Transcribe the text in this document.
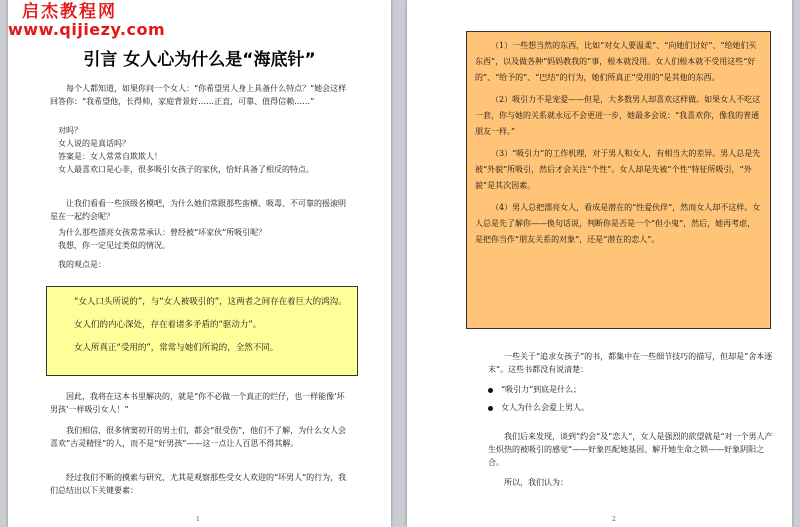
启杰教程网
www.qijiezy.com
引言 女人心为什么是“海底针”
每个人都知道，如果你问一个女人：“你希望男人身上具备什么特点？”她会这样回答你：“我希望他，长得帅，家庭背景好……正直，可靠、值得信赖……”
对吗？
女人说的是真话吗？
答案是：女人常常自欺欺人！
女人最喜欢口是心非，很多吸引女孩子的家伙，恰好具备了相反的特点。
让我们看看一些顶级名模吧，为什么她们常跟那些蛮横、吸毒、不可靠的摇滚明星在一起约会呢？
为什么那些漂亮女孩常常承认：曾经被“坏家伙”所吸引呢？
我想，你一定见过类似的情况。
我的观点是：

“女人口头所说的”，与“女人被吸引的”，这两者之间存在着巨大的鸿沟。

女人们的内心深处，存在着诸多矛盾的“驱动力”。

女人所真正“受用的”，常常与她们所说的，全然不同。

因此，我将在这本书里解决的，就是“你不必做一个真正的烂仔，也一样能像‘坏男孩’一样吸引女人！”
我们相信，很多情窦初开的男士们，都会“很受伤”，他们不了解，为什么女人会喜欢“古灵精怪”的人，而不是“好男孩”——这一点让人百思不得其解。
经过我们不断的摸索与研究，尤其是观察那些受女人欢迎的“坏男人”的行为，我们总结出以下关键要素：
1

（1）一些想当然的东西，比如“对女人要温柔”、“向她们讨好”、“给她们买东西”，以及做各种“妈妈教我的”事，根本就没用。女人们根本就不受用这些“好的”、“给予的”、“巴结”的行为，她们所真正“受用的”是其他的东西。

（2）吸引力不是宠爱——但是，大多数男人却喜欢这样做。如果女人不吃这一套，你与她的关系就永远不会更进一步，她最多会说：“我喜欢你，像我的普通朋友一样。”

（3）“吸引力”的工作机理，对于男人和女人，有相当大的差异。男人总是先被“外貌”所吸引，然后才会关注“个性”。女人却是先被“个性”特征所吸引，“外貌”是其次因素。

（4）男人总把漂亮女人，看成是潜在的“性爱伙伴”，然而女人却不这样。女人总是先了解你——换句话说，判断你是否是一个“但小鬼”，然后，她再考虑，是把你当作“朋友关系的对象”，还是“潜在的恋人”。

一些关于“追求女孩子”的书，都集中在一些细节技巧的描写，但却是“舍本逐末”。这些书都没有说清楚：
“吸引力”到底是什么；
女人为什么会爱上男人。
我们后来发现，谈到“约会”及“恋人”，女人是强烈的欲望就是“对一个男人产生炽热的被吸引的感觉”——好象匹配她基因、解开她生命之锁——好象阴阳之合。
所以，我们认为：
2
